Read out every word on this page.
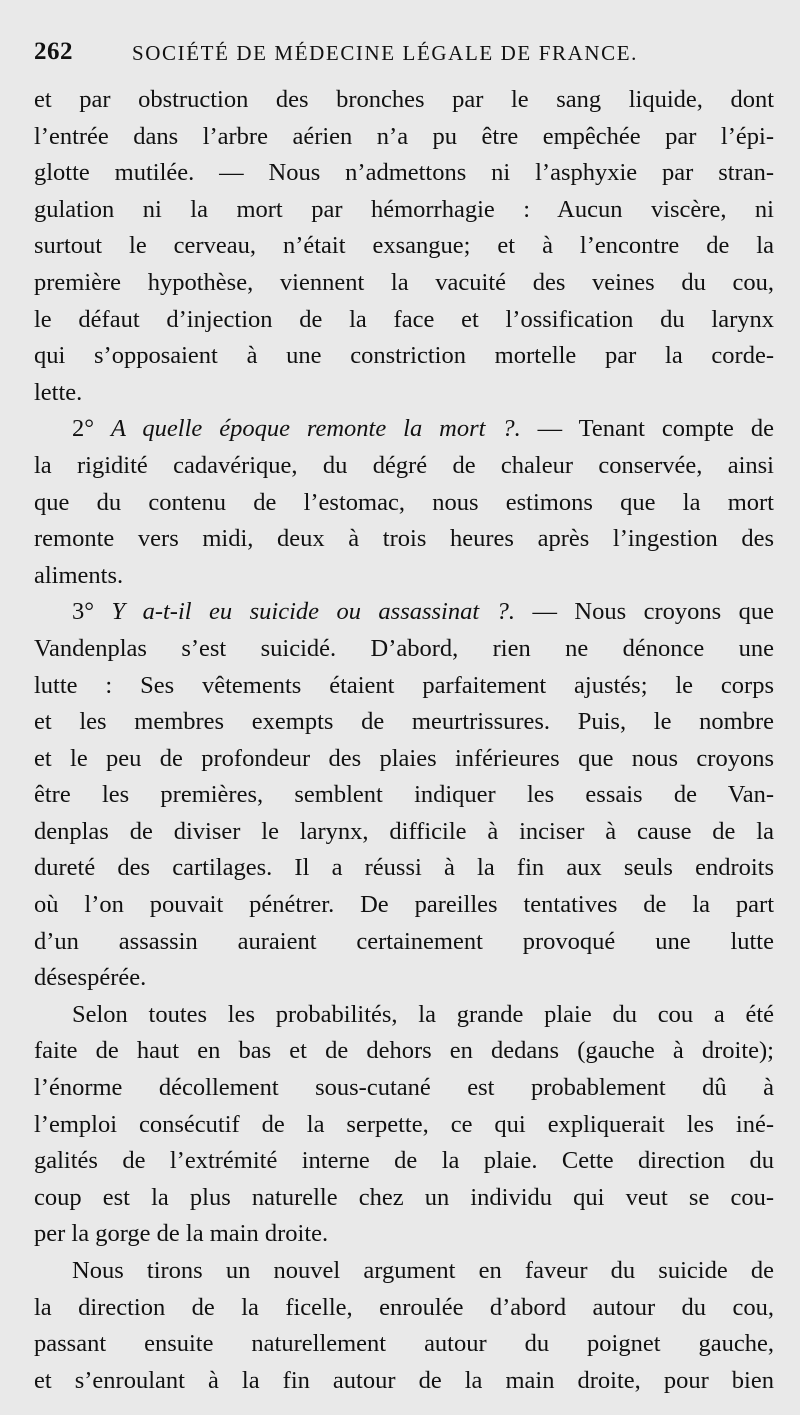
262	SOCIÉTÉ DE MÉDECINE LÉGALE DE FRANCE.
et par obstruction des bronches par le sang liquide, dont
l’entrée dans l’arbre aérien n’a pu être empêchée par l’épi-
glotte mutilée. — Nous n’admettons ni l’asphyxie par stran-
gulation ni la mort par hémorrhagie : Aucun viscère, ni
surtout le cerveau, n’était exsangue; et à l’encontre de la
première hypothèse, viennent la vacuité des veines du cou,
le défaut d’injection de la face et l’ossification du larynx
qui s’opposaient à une constriction mortelle par la corde-
lette.
2° A quelle époque remonte la mort ?. — Tenant compte de
la rigidité cadavérique, du dégré de chaleur conservée, ainsi
que du contenu de l’estomac, nous estimons que la mort
remonte vers midi, deux à trois heures après l’ingestion des
aliments.
3° Y a-t-il eu suicide ou assassinat ?. — Nous croyons que
Vandenplas s’est suicidé. D’abord, rien ne dénonce une
lutte : Ses vêtements étaient parfaitement ajustés; le corps
et les membres exempts de meurtrissures. Puis, le nombre
et le peu de profondeur des plaies inférieures que nous croyons
être les premières, semblent indiquer les essais de Van-
denplas de diviser le larynx, difficile à inciser à cause de la
dureté des cartilages. Il a réussi à la fin aux seuls endroits
où l’on pouvait pénétrer. De pareilles tentatives de la part
d’un assassin auraient certainement provoqué une lutte
désespérée.
Selon toutes les probabilités, la grande plaie du cou a été
faite de haut en bas et de dehors en dedans (gauche à droite);
l’énorme décollement sous-cutané est probablement dû à
l’emploi consécutif de la serpette, ce qui expliquerait les iné-
galités de l’extrémité interne de la plaie. Cette direction du
coup est la plus naturelle chez un individu qui veut se cou-
per la gorge de la main droite.
Nous tirons un nouvel argument en faveur du suicide de
la direction de la ficelle, enroulée d’abord autour du cou,
passant ensuite naturellement autour du poignet gauche,
et s’enroulant à la fin autour de la main droite, pour bien
